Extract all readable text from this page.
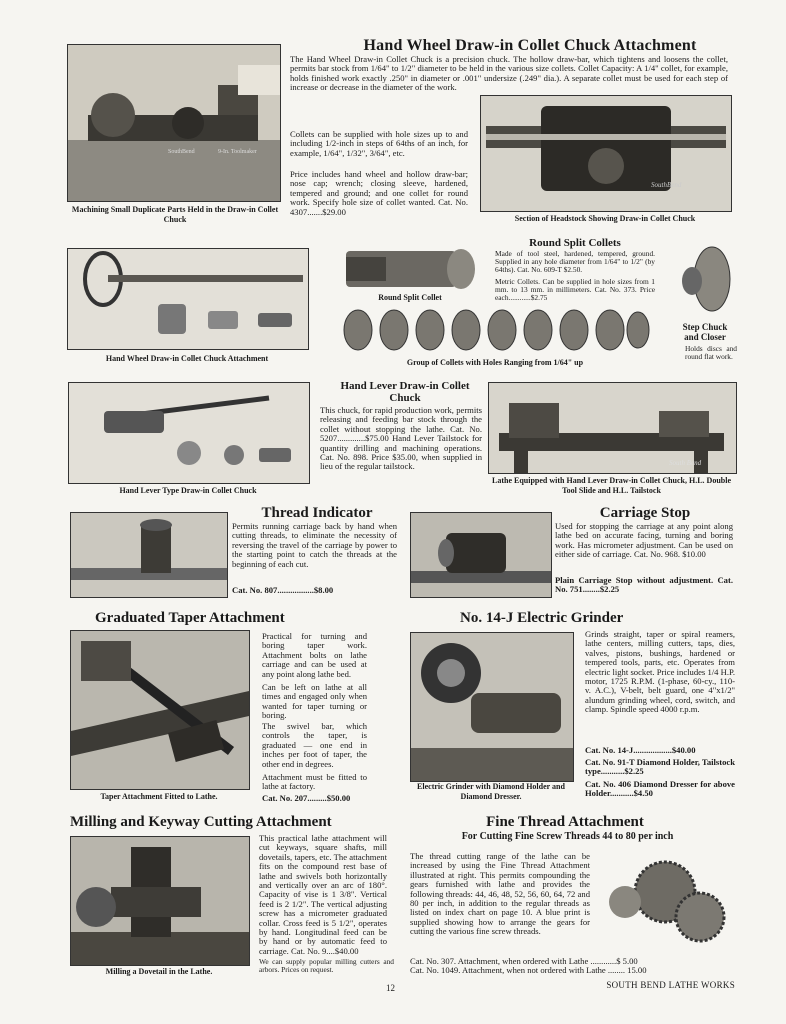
9-In. Toolmaker
SouthBend
Machining Small Duplicate Parts Held in the Draw-in Collet Chuck
Hand Wheel Draw-in Collet Chuck Attachment
The Hand Wheel Draw-in Collet Chuck is a precision chuck. The hollow draw-bar, which tightens and loosens the collet, permits bar stock from 1/64" to 1/2" diameter to be held in the various size collets. Collet Capacity: A 1/4" collet, for example, holds finished work exactly .250" in diameter or .001" undersize (.249" dia.). A separate collet must be used for each step of increase or decrease in the diameter of the work.
Collets can be supplied with hole sizes up to and including 1/2-inch in steps of 64ths of an inch, for example, 1/64", 1/32", 3/64", etc.
Price includes hand wheel and hollow draw-bar; nose cap; wrench; closing sleeve, hardened, tempered and ground; and one collet for round work. Specify hole size of collet wanted. Cat. No. 4307.......$29.00
SouthBend
Section of Headstock Showing Draw-in Collet Chuck
Hand Wheel Draw-in Collet Chuck Attachment
Round Split Collet
Round Split Collets
Made of tool steel, hardened, tempered, ground. Supplied in any hole diameter from 1/64" to 1/2" (by 64ths). Cat. No. 609-T $2.50.
Metric Collets. Can be supplied in hole sizes from 1 mm. to 13 mm. in millimeters. Cat. No. 373. Price each............$2.75
Group of Collets with Holes Ranging from 1/64" up
Step Chuck and Closer
Holds discs and round flat work.
Hand Lever Type Draw-in Collet Chuck
Hand Lever Draw-in Collet Chuck
This chuck, for rapid production work, permits releasing and feeding bar stock through the collet without stopping the lathe. Cat. No. 5207.............$75.00 Hand Lever Tailstock for quantity drilling and machining operations. Cat. No. 898. Price $35.00, when supplied in lieu of the regular tailstock.	South Bend
Lathe Equipped with Hand Lever Draw-in Collet Chuck, H.L. Double Tool Slide and H.L. Tailstock
Thread Indicator
Permits running carriage back by hand when cutting threads, to eliminate the necessity of reversing the travel of the carriage by power to the starting point to catch the threads at the beginning of each cut.
Cat. No. 807.................$8.00
Carriage Stop
Used for stopping the carriage at any point along lathe bed on accurate facing, turning and boring work. Has micrometer adjustment. Can be used on either side of carriage. Cat. No. 968. $10.00
Plain Carriage Stop without adjustment. Cat. No. 751........$2.25
Graduated Taper Attachment
Taper Attachment Fitted to Lathe.
Practical for turning and boring taper work. Attachment bolts on lathe carriage and can be used at any point along lathe bed.
Can be left on lathe at all times and engaged only when wanted for taper turning or boring.
The swivel bar, which controls the taper, is graduated — one end in inches per foot of taper, the other end in degrees.
Attachment must be fitted to lathe at factory.
Cat. No. 207.........$50.00
No. 14-J Electric Grinder
Electric Grinder with Diamond Holder and Diamond Dresser.
Grinds straight, taper or spiral reamers, lathe centers, milling cutters, taps, dies, valves, pistons, bushings, hardened or tempered tools, parts, etc. Operates from electric light socket. Price includes 1/4 H.P. motor, 1725 R.P.M. (1-phase, 60-cy., 110-v. A.C.), V-belt, belt guard, one 4"x1/2" alundum grinding wheel, cord, switch, and clamp. Spindle speed 4000 r.p.m.
Cat. No. 14-J..................$40.00
Cat. No. 91-T Diamond Holder, Tailstock type...........$2.25
Cat. No. 406 Diamond Dresser for above Holder...........$4.50
Milling and Keyway Cutting Attachment
Milling a Dovetail in the Lathe.
This practical lathe attachment will cut keyways, square shafts, mill dovetails, tapers, etc. The attachment fits on the compound rest base of lathe and swivels both horizontally and vertically over an arc of 180°. Capacity of vise is 1 3/8". Vertical feed is 2 1/2". The vertical adjusting screw has a micrometer graduated collar. Cross feed is 5 1/2", operates by hand. Longitudinal feed can be by hand or by automatic feed to carriage. Cat. No. 9....$40.00
We can supply popular milling cutters and arbors. Prices on request.
Fine Thread Attachment
For Cutting Fine Screw Threads 44 to 80 per inch
The thread cutting range of the lathe can be increased by using the Fine Thread Attachment illustrated at right. This permits compounding the gears furnished with lathe and provides the following threads: 44, 46, 48, 52, 56, 60, 64, 72 and 80 per inch, in addition to the regular threads as listed on index chart on page 10. A blue print is supplied showing how to arrange the gears for cutting the various fine screw threads.
Cat. No. 307. Attachment, when ordered with Lathe ............$ 5.00
Cat. No. 1049. Attachment, when not ordered with Lathe ........ 15.00
12	SOUTH BEND LATHE WORKS
